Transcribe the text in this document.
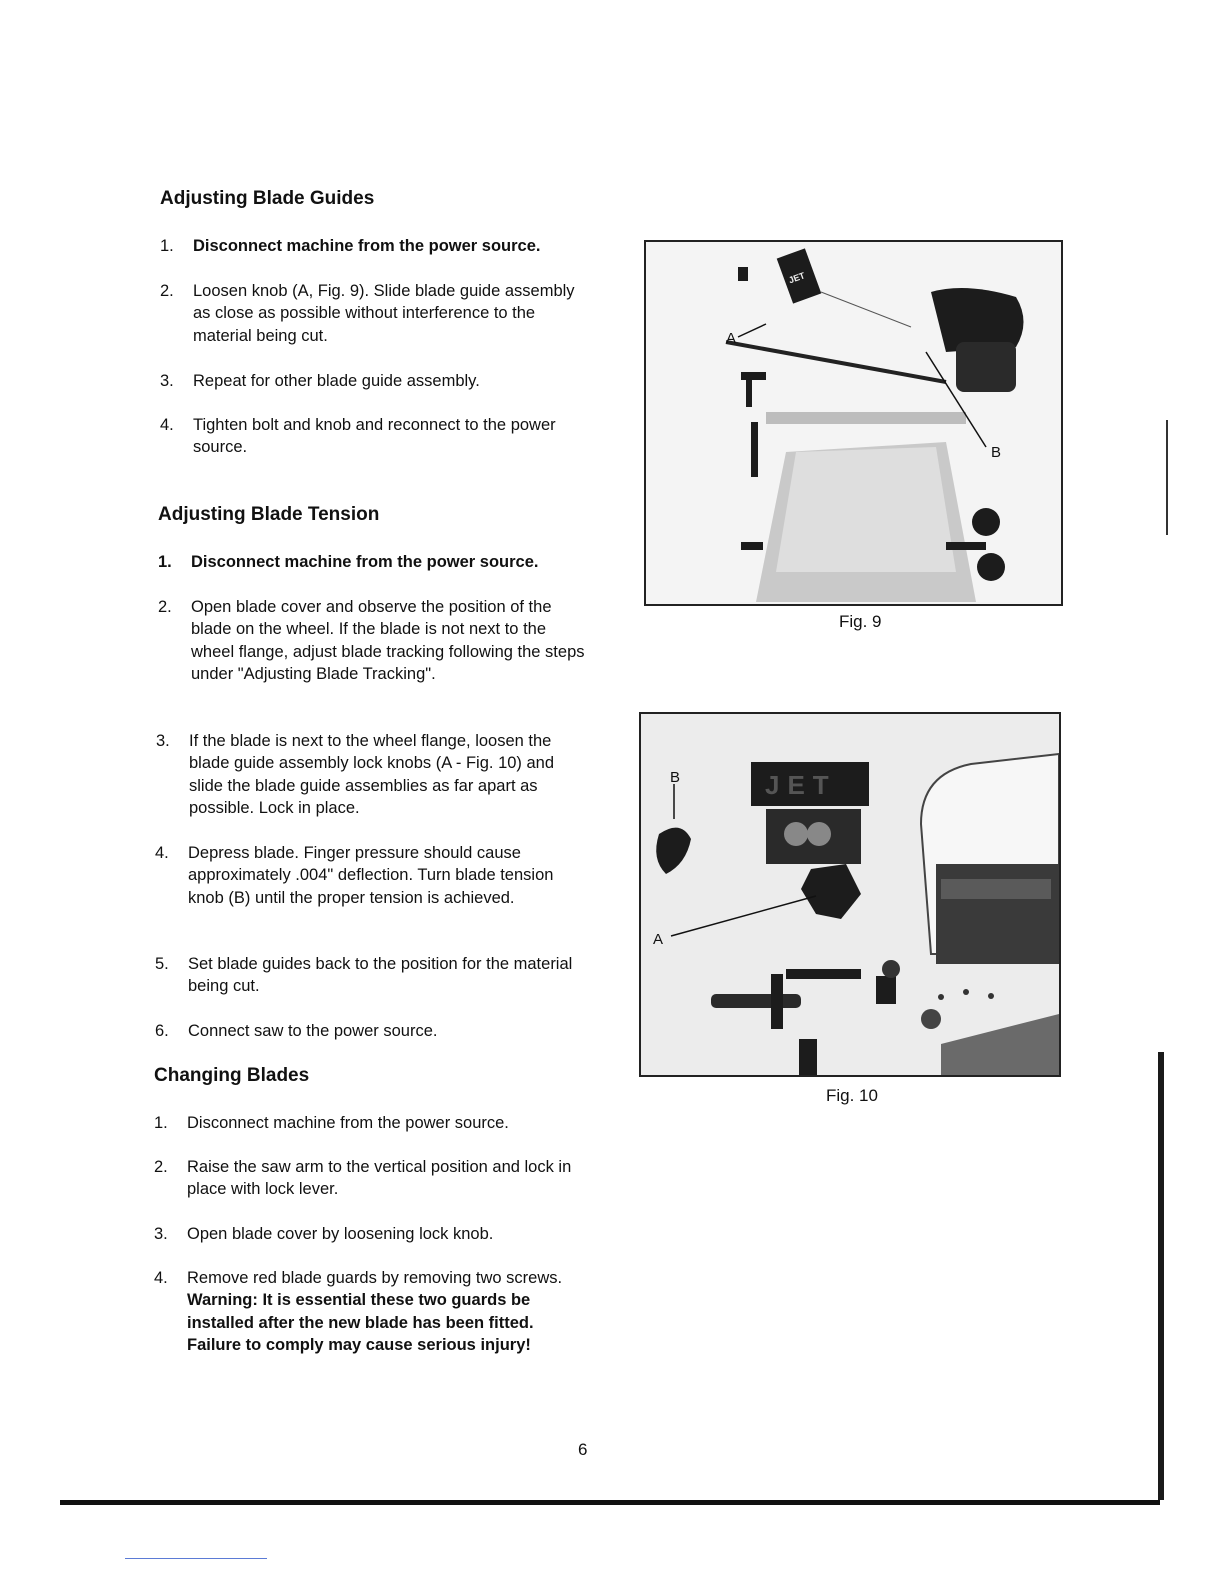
Adjusting Blade Guides
1. Disconnect machine from the power source.
2. Loosen knob (A, Fig. 9). Slide blade guide assembly as close as possible without interference to the material being cut.
3. Repeat for other blade guide assembly.
4. Tighten bolt and knob and reconnect to the power source.
Adjusting Blade Tension
1. Disconnect machine from the power source.
2. Open blade cover and observe the position of the blade on the wheel. If the blade is not next to the wheel flange, adjust blade tracking following the steps under "Adjusting Blade Tracking".
3. If the blade is next to the wheel flange, loosen the blade guide assembly lock knobs (A - Fig. 10) and slide the blade guide assemblies as far apart as possible. Lock in place.
4. Depress blade. Finger pressure should cause approximately .004" deflection. Turn blade tension knob (B) until the proper tension is achieved.
5. Set blade guides back to the position for the material being cut.
6. Connect saw to the power source.
Changing Blades
1. Disconnect machine from the power source.
2. Raise the saw arm to the vertical position and lock in place with lock lever.
3. Open blade cover by loosening lock knob.
4. Remove red blade guards by removing two screws. Warning: It is essential these two guards be installed after the new blade has been fitted. Failure to comply may cause serious injury!
A
B
JET
Fig. 9
B
A
JET
Fig. 10
6
